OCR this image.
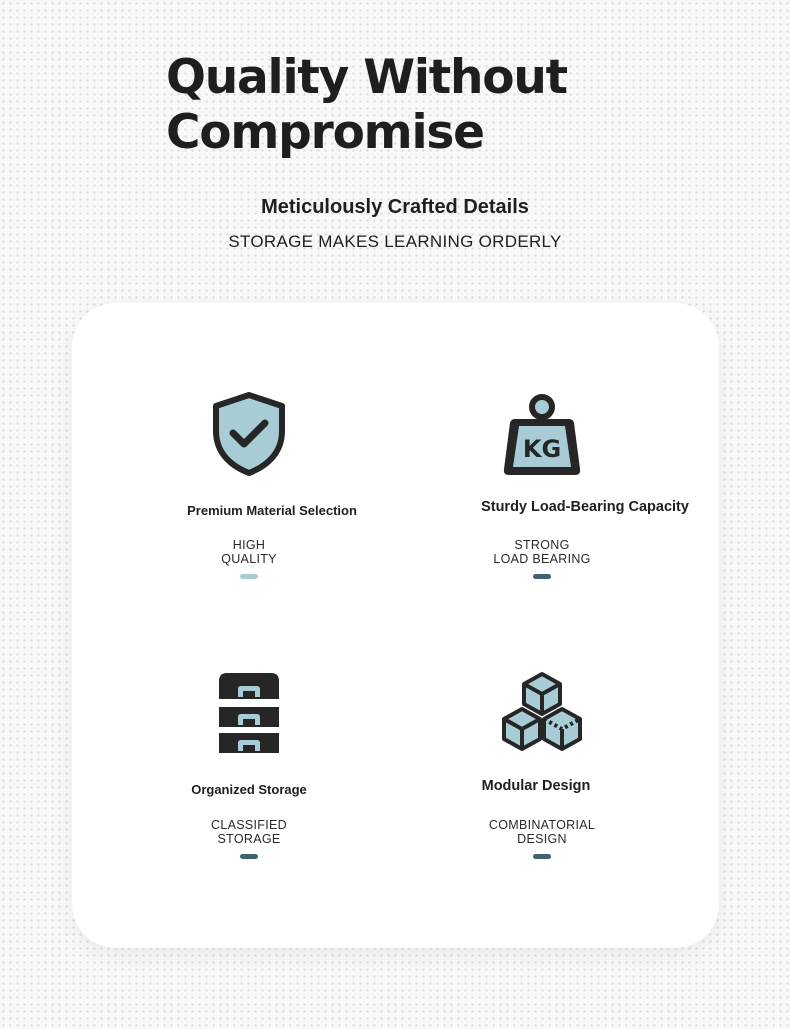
Quality Without
Compromise

Meticulously Crafted Details

STORAGE MAKES LEARNING ORDERLY

Premium Material Selection
HIGH
QUALITY
KG
Sturdy Load-Bearing Capacity
STRONG
LOAD BEARING
Organized Storage
CLASSIFIED
STORAGE
Modular Design
COMBINATORIAL
DESIGN
